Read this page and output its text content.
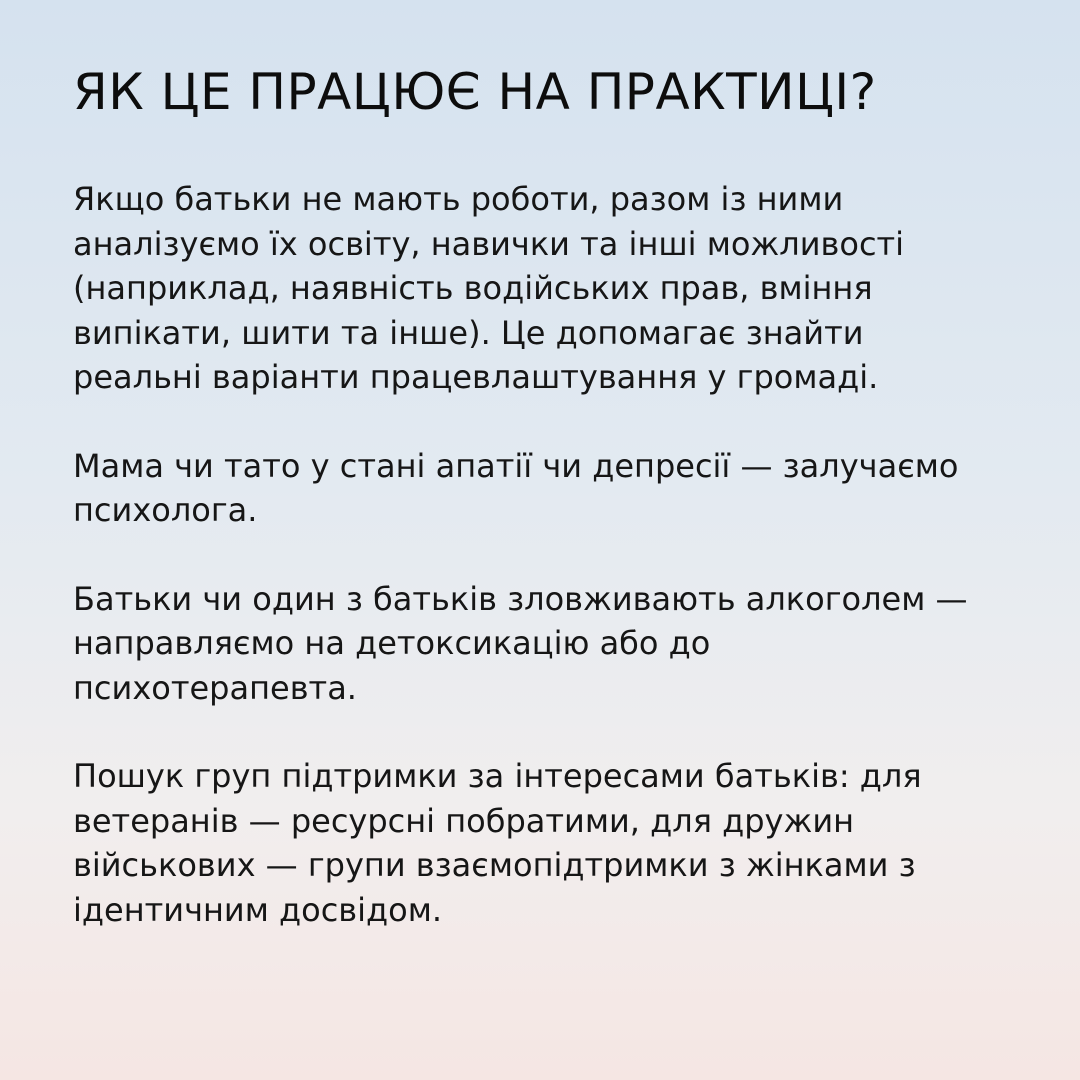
ЯК ЦЕ ПРАЦЮЄ НА ПРАКТИЦІ?

Якщо батьки не мають роботи, разом із ними
аналізуємо їх освіту, навички та інші можливості
(наприклад, наявність водійських прав, вміння
випікати, шити та інше). Це допомагає знайти
реальні варіанти працевлаштування у громаді.

Мама чи тато у стані апатії чи депресії — залучаємо
психолога.

Батьки чи один з батьків зловживають алкоголем —
направляємо на детоксикацію або до
психотерапевта.

Пошук груп підтримки за інтересами батьків: для
ветеранів — ресурсні побратими, для дружин
військових — групи взаємопідтримки з жінками з
ідентичним досвідом.
